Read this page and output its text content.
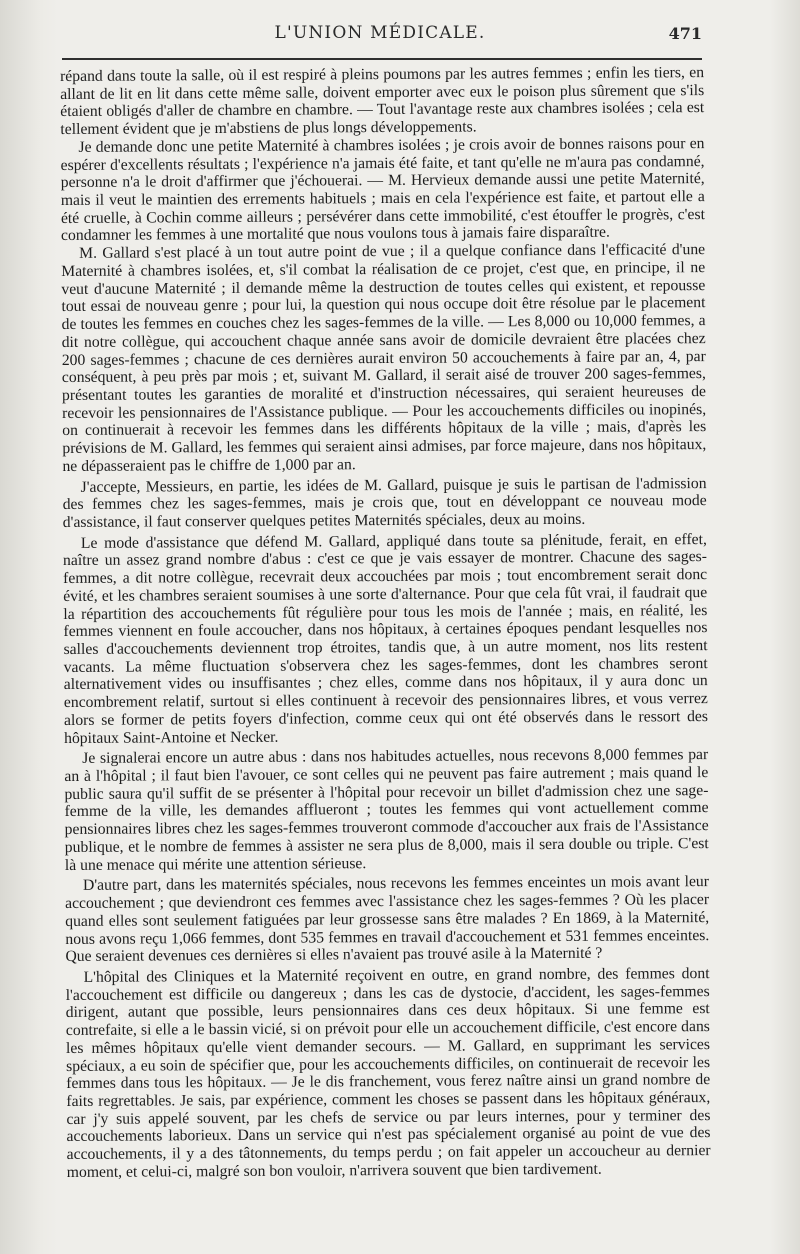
L'UNION MÉDICALE.	471

répand dans toute la salle, où il est respiré à pleins poumons par les autres femmes ; enfin les tiers, en allant de lit en lit dans cette même salle, doivent emporter avec eux le poison plus sûrement que s'ils étaient obligés d'aller de chambre en chambre. — Tout l'avantage reste aux chambres isolées ; cela est tellement évident que je m'abstiens de plus longs développements.

Je demande donc une petite Maternité à chambres isolées ; je crois avoir de bonnes raisons pour en espérer d'excellents résultats ; l'expérience n'a jamais été faite, et tant qu'elle ne m'aura pas condamné, personne n'a le droit d'affirmer que j'échouerai. — M. Hervieux demande aussi une petite Maternité, mais il veut le maintien des errements habituels ; mais en cela l'expérience est faite, et partout elle a été cruelle, à Cochin comme ailleurs ; persévérer dans cette immobilité, c'est étouffer le progrès, c'est condamner les femmes à une mortalité que nous voulons tous à jamais faire disparaître.

M. Gallard s'est placé à un tout autre point de vue ; il a quelque confiance dans l'efficacité d'une Maternité à chambres isolées, et, s'il combat la réalisation de ce projet, c'est que, en principe, il ne veut d'aucune Maternité ; il demande même la destruction de toutes celles qui existent, et repousse tout essai de nouveau genre ; pour lui, la question qui nous occupe doit être résolue par le placement de toutes les femmes en couches chez les sages-femmes de la ville. — Les 8,000 ou 10,000 femmes, a dit notre collègue, qui accouchent chaque année sans avoir de domicile devraient être placées chez 200 sages-femmes ; chacune de ces dernières aurait environ 50 accouchements à faire par an, 4, par conséquent, à peu près par mois ; et, suivant M. Gallard, il serait aisé de trouver 200 sages-femmes, présentant toutes les garanties de moralité et d'instruction nécessaires, qui seraient heureuses de recevoir les pensionnaires de l'Assistance publique. — Pour les accouchements difficiles ou inopinés, on continuerait à recevoir les femmes dans les différents hôpitaux de la ville ; mais, d'après les prévisions de M. Gallard, les femmes qui seraient ainsi admises, par force majeure, dans nos hôpitaux, ne dépasseraient pas le chiffre de 1,000 par an.

J'accepte, Messieurs, en partie, les idées de M. Gallard, puisque je suis le partisan de l'admission des femmes chez les sages-femmes, mais je crois que, tout en développant ce nouveau mode d'assistance, il faut conserver quelques petites Maternités spéciales, deux au moins.

Le mode d'assistance que défend M. Gallard, appliqué dans toute sa plénitude, ferait, en effet, naître un assez grand nombre d'abus : c'est ce que je vais essayer de montrer. Chacune des sages-femmes, a dit notre collègue, recevrait deux accouchées par mois ; tout encombrement serait donc évité, et les chambres seraient soumises à une sorte d'alternance. Pour que cela fût vrai, il faudrait que la répartition des accouchements fût régulière pour tous les mois de l'année ; mais, en réalité, les femmes viennent en foule accoucher, dans nos hôpitaux, à certaines époques pendant lesquelles nos salles d'accouchements deviennent trop étroites, tandis que, à un autre moment, nos lits restent vacants. La même fluctuation s'observera chez les sages-femmes, dont les chambres seront alternativement vides ou insuffisantes ; chez elles, comme dans nos hôpitaux, il y aura donc un encombrement relatif, surtout si elles continuent à recevoir des pensionnaires libres, et vous verrez alors se former de petits foyers d'infection, comme ceux qui ont été observés dans le ressort des hôpitaux Saint-Antoine et Necker.

Je signalerai encore un autre abus : dans nos habitudes actuelles, nous recevons 8,000 femmes par an à l'hôpital ; il faut bien l'avouer, ce sont celles qui ne peuvent pas faire autrement ; mais quand le public saura qu'il suffit de se présenter à l'hôpital pour recevoir un billet d'admission chez une sage-femme de la ville, les demandes afflueront ; toutes les femmes qui vont actuellement comme pensionnaires libres chez les sages-femmes trouveront commode d'accoucher aux frais de l'Assistance publique, et le nombre de femmes à assister ne sera plus de 8,000, mais il sera double ou triple. C'est là une menace qui mérite une attention sérieuse.

D'autre part, dans les maternités spéciales, nous recevons les femmes enceintes un mois avant leur accouchement ; que deviendront ces femmes avec l'assistance chez les sages-femmes ? Où les placer quand elles sont seulement fatiguées par leur grossesse sans être malades ? En 1869, à la Maternité, nous avons reçu 1,066 femmes, dont 535 femmes en travail d'accouchement et 531 femmes enceintes. Que seraient devenues ces dernières si elles n'avaient pas trouvé asile à la Maternité ?

L'hôpital des Cliniques et la Maternité reçoivent en outre, en grand nombre, des femmes dont l'accouchement est difficile ou dangereux ; dans les cas de dystocie, d'accident, les sages-femmes dirigent, autant que possible, leurs pensionnaires dans ces deux hôpitaux. Si une femme est contrefaite, si elle a le bassin vicié, si on prévoit pour elle un accouchement difficile, c'est encore dans les mêmes hôpitaux qu'elle vient demander secours. — M. Gallard, en supprimant les services spéciaux, a eu soin de spécifier que, pour les accouchements difficiles, on continuerait de recevoir les femmes dans tous les hôpitaux. — Je le dis franchement, vous ferez naître ainsi un grand nombre de faits regrettables. Je sais, par expérience, comment les choses se passent dans les hôpitaux généraux, car j'y suis appelé souvent, par les chefs de service ou par leurs internes, pour y terminer des accouchements laborieux. Dans un service qui n'est pas spécialement organisé au point de vue des accouchements, il y a des tâtonnements, du temps perdu ; on fait appeler un accoucheur au dernier moment, et celui-ci, malgré son bon vouloir, n'arrivera souvent que bien tardivement.
